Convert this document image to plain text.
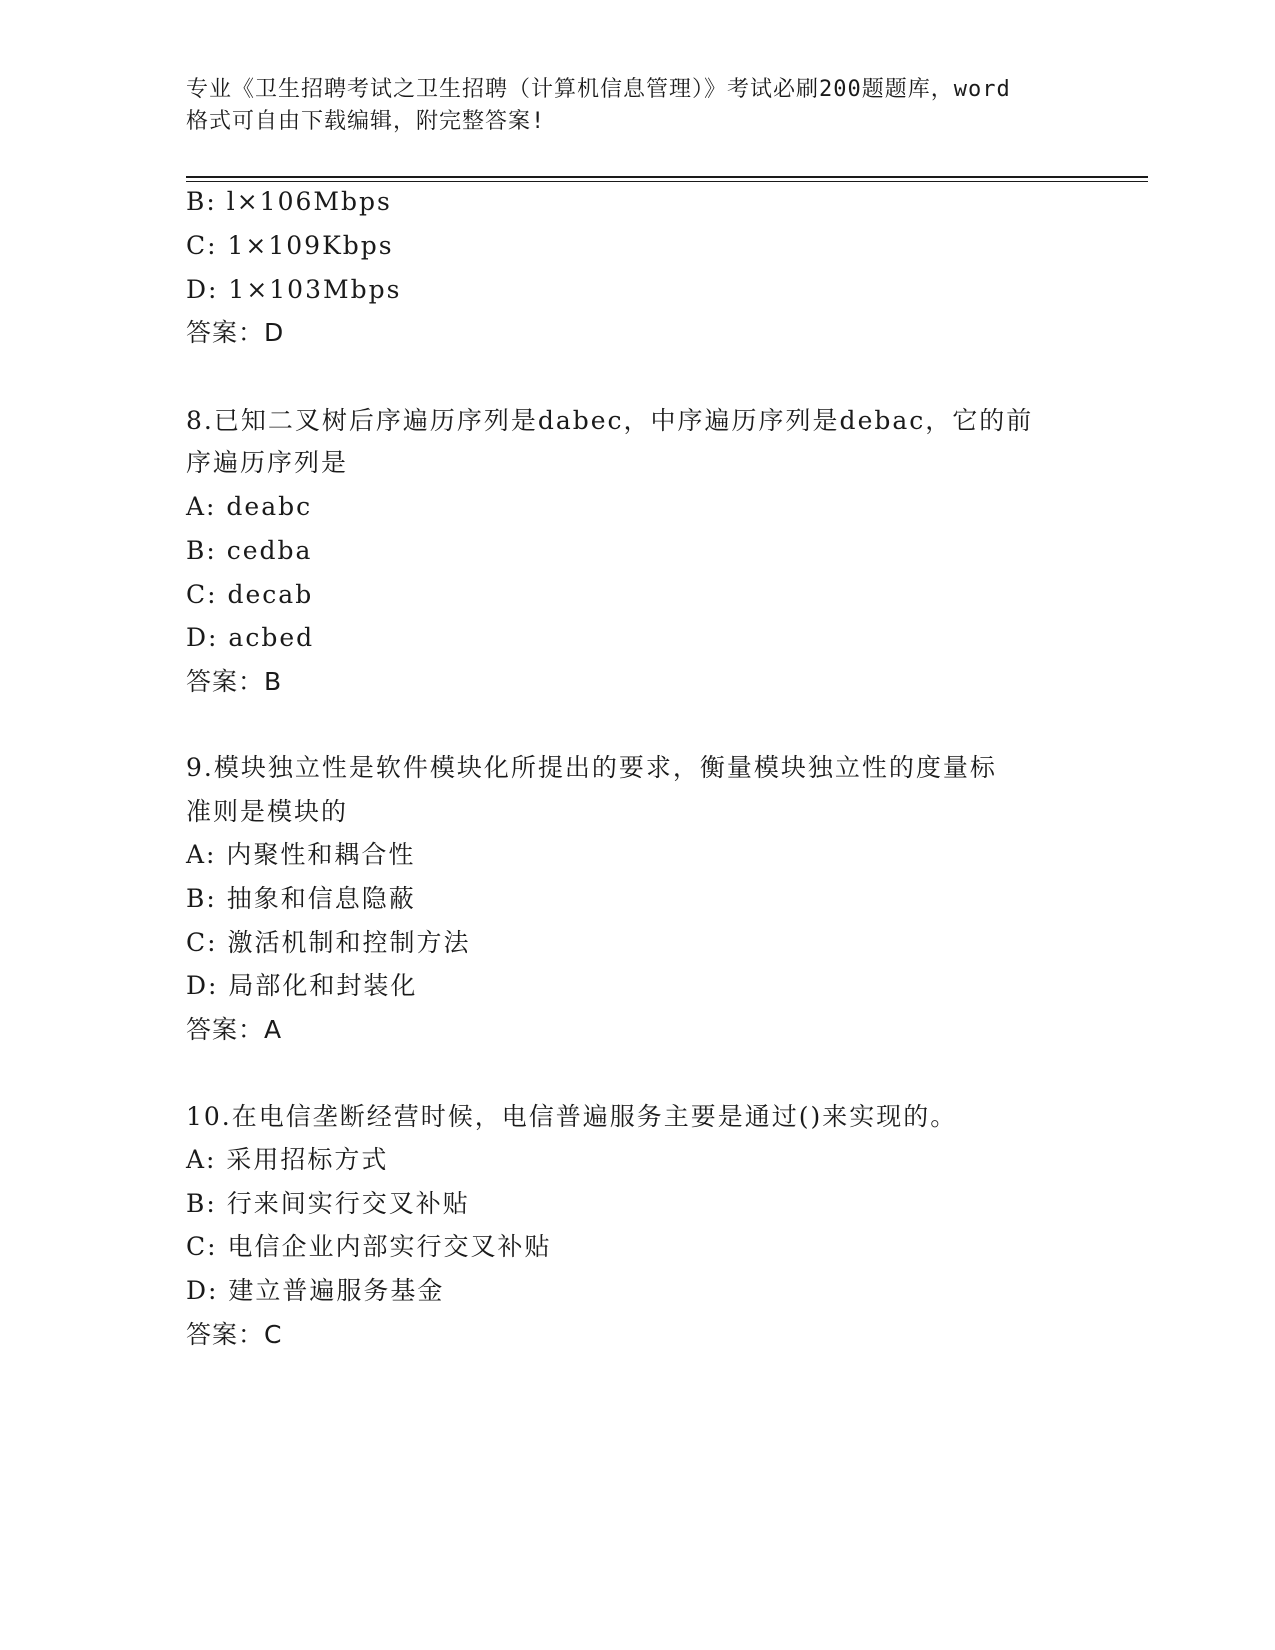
专业《卫生招聘考试之卫生招聘（计算机信息管理）》考试必刷200题题库，word
格式可自由下载编辑，附完整答案!
B: l×106Mbps
C: 1×109Kbps
D: 1×103Mbps
答案：D
8.已知二叉树后序遍历序列是dabec，中序遍历序列是debac，它的前
序遍历序列是
A: deabc
B: cedba
C: decab
D: acbed
答案：B
9.模块独立性是软件模块化所提出的要求，衡量模块独立性的度量标
准则是模块的
A: 内聚性和耦合性
B: 抽象和信息隐蔽
C: 激活机制和控制方法
D: 局部化和封装化
答案：A
10.在电信垄断经营时候，电信普遍服务主要是通过()来实现的。
A: 采用招标方式
B: 行来间实行交叉补贴
C: 电信企业内部实行交叉补贴
D: 建立普遍服务基金
答案：C
